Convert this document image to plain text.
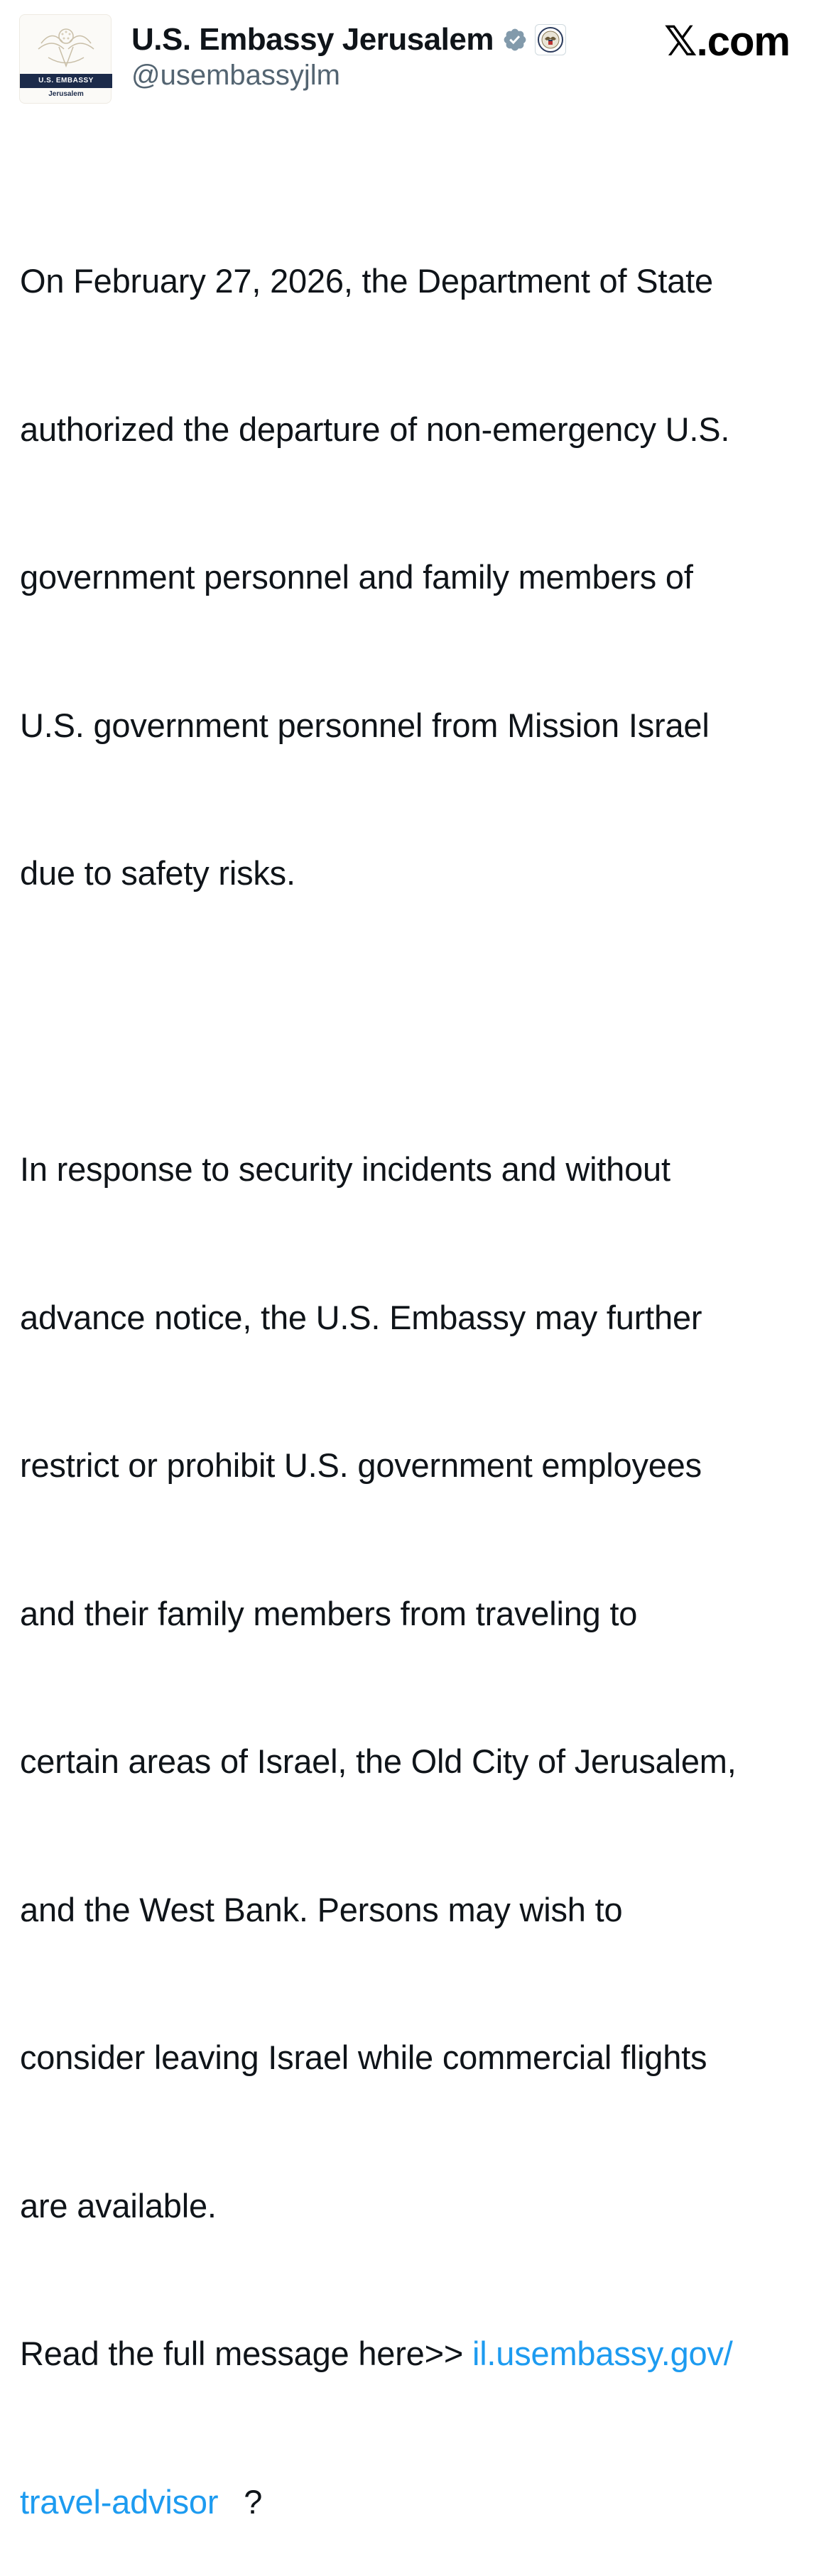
U.S. EMBASSY
Jerusalem
U.S. Embassy Jerusalem
@usembassyjlm
𝕏.com

On February 27, 2026, the Department of State

authorized the departure of non-emergency U.S.

government personnel and family members of

U.S. government personnel from Mission Israel

due to safety risks.

In response to security incidents and without

advance notice, the U.S. Embassy may further

restrict or prohibit U.S. government employees

and their family members from traveling to

certain areas of Israel, the Old City of Jerusalem,

and the West Bank. Persons may wish to

consider leaving Israel while commercial flights

are available.

Read the full message here>> il.usembassy.gov/

travel-advisor ?
